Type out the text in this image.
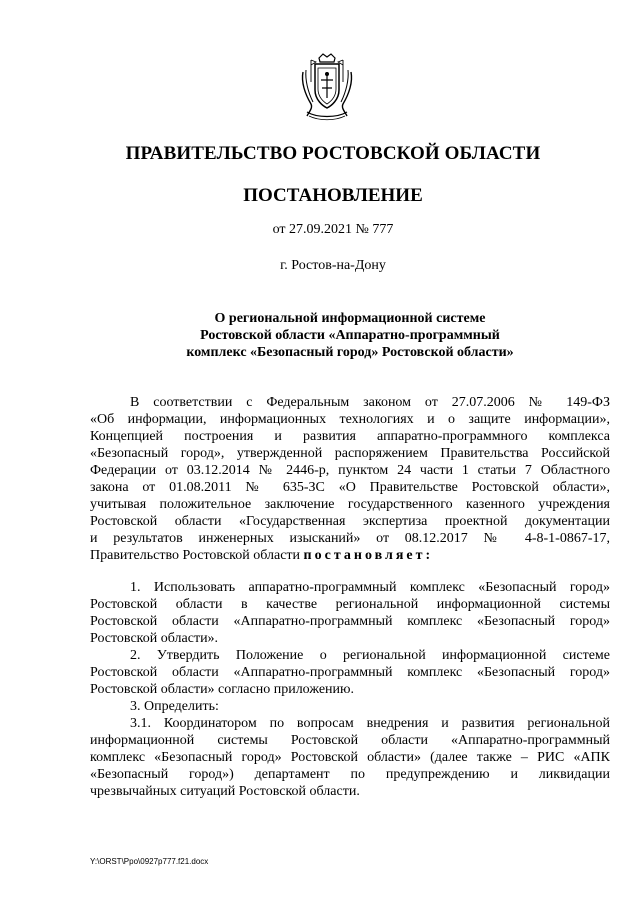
ПРАВИТЕЛЬСТВО РОСТОВСКОЙ ОБЛАСТИ
ПОСТАНОВЛЕНИЕ
от 27.09.2021 № 777
г. Ростов-на-Дону
О региональной информационной системе
Ростовской области «Аппаратно-программный
комплекс «Безопасный город» Ростовской области»
В соответствии с Федеральным законом от 27.07.2006 № 149-ФЗ
«Об информации, информационных технологиях и о защите информации»,
Концепцией построения и развития аппаратно-программного комплекса
«Безопасный город», утвержденной распоряжением Правительства Российской
Федерации от 03.12.2014 № 2446-р, пунктом 24 части 1 статьи 7 Областного
закона от 01.08.2011 № 635-ЗС «О Правительстве Ростовской области»,
учитывая положительное заключение государственного казенного учреждения
Ростовской области «Государственная экспертиза проектной документации
и результатов инженерных изысканий» от 08.12.2017 № 4-8-1-0867-17,
Правительство Ростовской области постановляет:
1. Использовать аппаратно-программный комплекс «Безопасный город»
Ростовской области в качестве региональной информационной системы
Ростовской области «Аппаратно-программный комплекс «Безопасный город»
Ростовской области».
2. Утвердить Положение о региональной информационной системе
Ростовской области «Аппаратно-программный комплекс «Безопасный город»
Ростовской области» согласно приложению.
3. Определить:
3.1. Координатором по вопросам внедрения и развития региональной
информационной системы Ростовской области «Аппаратно-программный
комплекс «Безопасный город» Ростовской области» (далее также – РИС «АПК
«Безопасный город») департамент по предупреждению и ликвидации
чрезвычайных ситуаций Ростовской области.
Y:\ORST\Ppo\0927p777.f21.docx
